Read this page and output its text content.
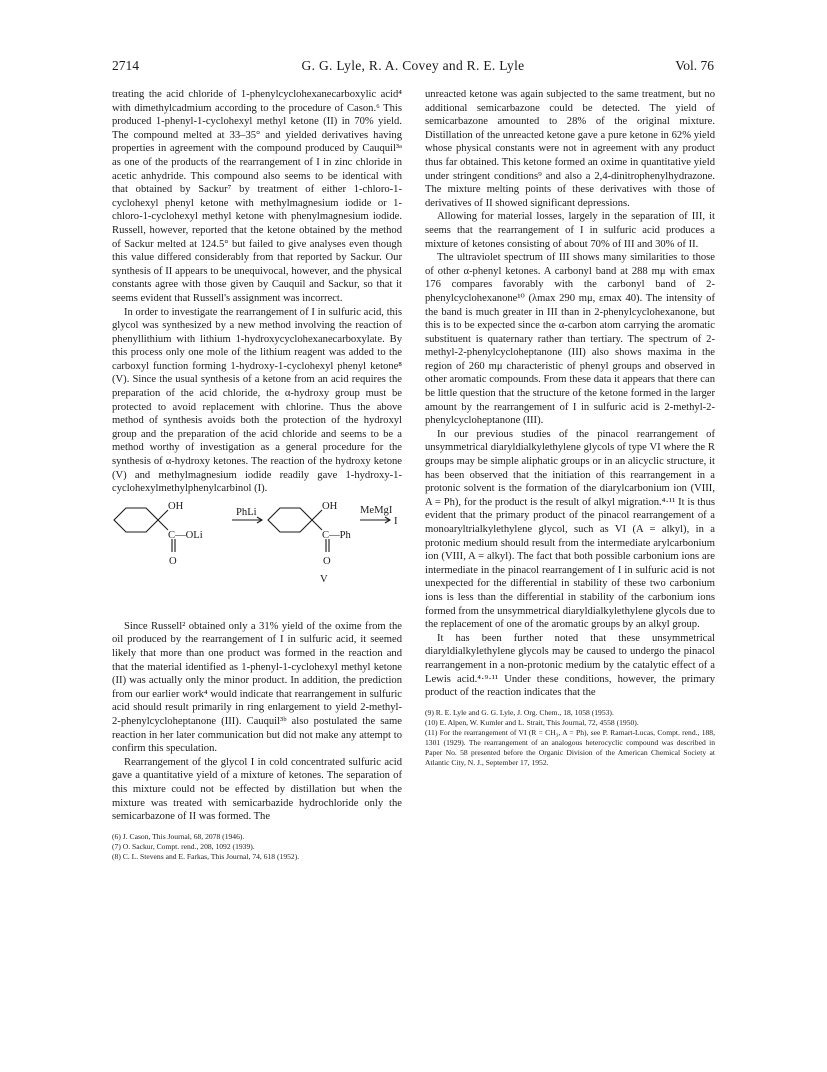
2714	G. G. Lyle, R. A. Covey and R. E. Lyle	Vol. 76

treating the acid chloride of 1-phenylcyclohexanecarboxylic acid⁴ with dimethylcadmium according to the procedure of Cason.⁶ This produced 1-phenyl-1-cyclohexyl methyl ketone (II) in 70% yield. The compound melted at 33–35° and yielded derivatives having properties in agreement with the compound produced by Cauquil³ᵃ as one of the products of the rearrangement of I in zinc chloride in acetic anhydride. This compound also seems to be identical with that obtained by Sackur⁷ by treatment of either 1-chloro-1-cyclohexyl phenyl ketone with methylmagnesium iodide or 1-chloro-1-cyclohexyl methyl ketone with phenylmagnesium iodide. Russell, however, reported that the ketone obtained by the method of Sackur melted at 124.5° but failed to give analyses even though this value differed considerably from that reported by Sackur. Our synthesis of II appears to be unequivocal, however, and the physical constants agree with those given by Cauquil and Sackur, so that it seems evident that Russell's assignment was incorrect.

In order to investigate the rearrangement of I in sulfuric acid, this glycol was synthesized by a new method involving the reaction of phenyllithium with lithium 1-hydroxycyclohexanecarboxylate. By this process only one mole of the lithium reagent was added to the carboxyl function forming 1-hydroxy-1-cyclohexyl phenyl ketone⁸ (V). Since the usual synthesis of a ketone from an acid requires the preparation of the acid chloride, the α-hydroxy group must be protected to avoid replacement with chlorine. Thus the above method of synthesis avoids both the protection of the hydroxyl group and the preparation of the acid chloride and seems to be a method worthy of investigation as a general procedure for the synthesis of α-hydroxy ketones. The reaction of the hydroxy ketone (V) and methylmagnesium iodide readily gave 1-hydroxy-1-cyclohexylmethylphenylcarbinol (I).

OH
C—OLi
O
PhLi
OH
C—Ph
O
MeMgI
I
V

Since Russell² obtained only a 31% yield of the oxime from the oil produced by the rearrangement of I in sulfuric acid, it seemed likely that more than one product was formed in the reaction and that the material identified as 1-phenyl-1-cyclohexyl methyl ketone (II) was actually only the minor product. In addition, the prediction from our earlier work⁴ would indicate that rearrangement in sulfuric acid should result primarily in ring enlargement to yield 2-methyl-2-phenylcycloheptanone (III). Cauquil³ᵇ also postulated the same reaction in her later communication but did not make any attempt to confirm this speculation.

Rearrangement of the glycol I in cold concentrated sulfuric acid gave a quantitative yield of a mixture of ketones. The separation of this mixture could not be effected by distillation but when the mixture was treated with semicarbazide hydrochloride only the semicarbazone of II was formed. The

(6) J. Cason, This Journal, 68, 2078 (1946).

(7) O. Sackur, Compt. rend., 208, 1092 (1939).

(8) C. L. Stevens and E. Farkas, This Journal, 74, 618 (1952).

unreacted ketone was again subjected to the same treatment, but no additional semicarbazone could be detected. The yield of semicarbazone amounted to 28% of the original mixture. Distillation of the unreacted ketone gave a pure ketone in 62% yield whose physical constants were not in agreement with any product thus far obtained. This ketone formed an oxime in quantitative yield under stringent conditions⁹ and also a 2,4-dinitrophenylhydrazone. The mixture melting points of these derivatives with those of derivatives of II showed significant depressions.

Allowing for material losses, largely in the separation of III, it seems that the rearrangement of I in sulfuric acid produces a mixture of ketones consisting of about 70% of III and 30% of II.

The ultraviolet spectrum of III shows many similarities to those of other α-phenyl ketones. A carbonyl band at 288 mμ with εmax 176 compares favorably with the carbonyl band of 2-phenylcyclohexanone¹⁰ (λmax 290 mμ, εmax 40). The intensity of the band is much greater in III than in 2-phenylcyclohexanone, but this is to be expected since the α-carbon atom carrying the aromatic substituent is quaternary rather than tertiary. The spectrum of 2-methyl-2-phenylcycloheptanone (III) also shows maxima in the region of 260 mμ characteristic of phenyl groups and observed in other aromatic compounds. From these data it appears that there can be little question that the structure of the ketone formed in the larger amount by the rearrangement of I in sulfuric acid is 2-methyl-2-phenylcycloheptanone (III).

In our previous studies of the pinacol rearrangement of unsymmetrical diaryldialkylethylene glycols of type VI where the R groups may be simple aliphatic groups or in an alicyclic structure, it has been observed that the initiation of this rearrangement in a protonic solvent is the formation of the diarylcarbonium ion (VIII, A = Ph), for the product is the result of alkyl migration.⁴·¹¹ It is thus evident that the primary product of the pinacol rearrangement of a monoaryltrialkylethylene glycol, such as VI (A = alkyl), in a protonic medium should result from the intermediate arylcarbonium ion (VIII, A = alkyl). The fact that both possible carbonium ions are intermediate in the pinacol rearrangement of I in sulfuric acid is not unexpected for the differential in stability of these two carbonium ions is less than the differential in stability of the carbonium ions formed from the unsymmetrical diaryldialkylethylene glycols due to the replacement of one of the aromatic groups by an alkyl group.

It has been further noted that these unsymmetrical diaryldialkylethylene glycols may be caused to undergo the pinacol rearrangement in a non-protonic medium by the catalytic effect of a Lewis acid.⁴·⁹·¹¹ Under these conditions, however, the primary product of the reaction indicates that the

(9) R. E. Lyle and G. G. Lyle, J. Org. Chem., 18, 1058 (1953).

(10) E. Alpen, W. Kumler and L. Strait, This Journal, 72, 4558 (1950).

(11) For the rearrangement of VI (R = CH₃, A = Ph), see P. Ramart-Lucas, Compt. rend., 188, 1301 (1929). The rearrangement of an analogous heterocyclic compound was described in Paper No. 58 presented before the Organic Division of the American Chemical Society at Atlantic City, N. J., September 17, 1952.
